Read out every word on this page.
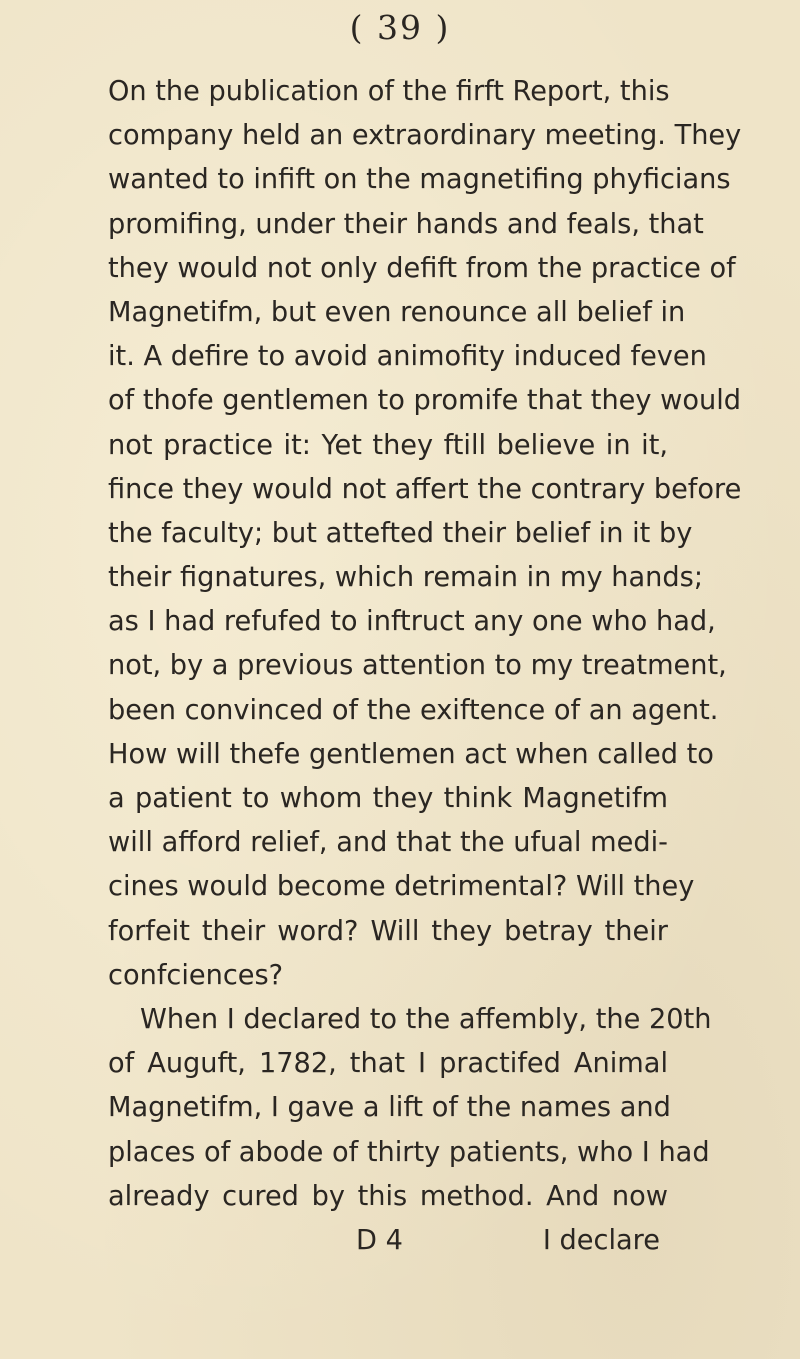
( 39 )
On the publication of the firft Report, this
company held an extraordinary meeting. They
wanted to infift on the magnetifing phyficians
promifing, under their hands and feals, that
they would not only defift from the practice of
Magnetifm, but even renounce all belief in
it. A defire to avoid animofity induced feven
of thofe gentlemen to promife that they would
not practice it: Yet they ftill believe in it,
fince they would not affert the contrary before
the faculty; but attefted their belief in it by
their fignatures, which remain in my hands;
as I had refufed to inftruct any one who had,
not, by a previous attention to my treatment,
been convinced of the exiftence of an agent.
How will thefe gentlemen act when called to
a patient to whom they think Magnetifm
will afford relief, and that the ufual medi-
cines would become detrimental? Will they
forfeit their word? Will they betray their
confciences?
When I declared to the affembly, the 20th
of Auguft, 1782, that I practifed Animal
Magnetifm, I gave a lift of the names and
places of abode of thirty patients, who I had
already cured by this method. And now
D 4	I declare
